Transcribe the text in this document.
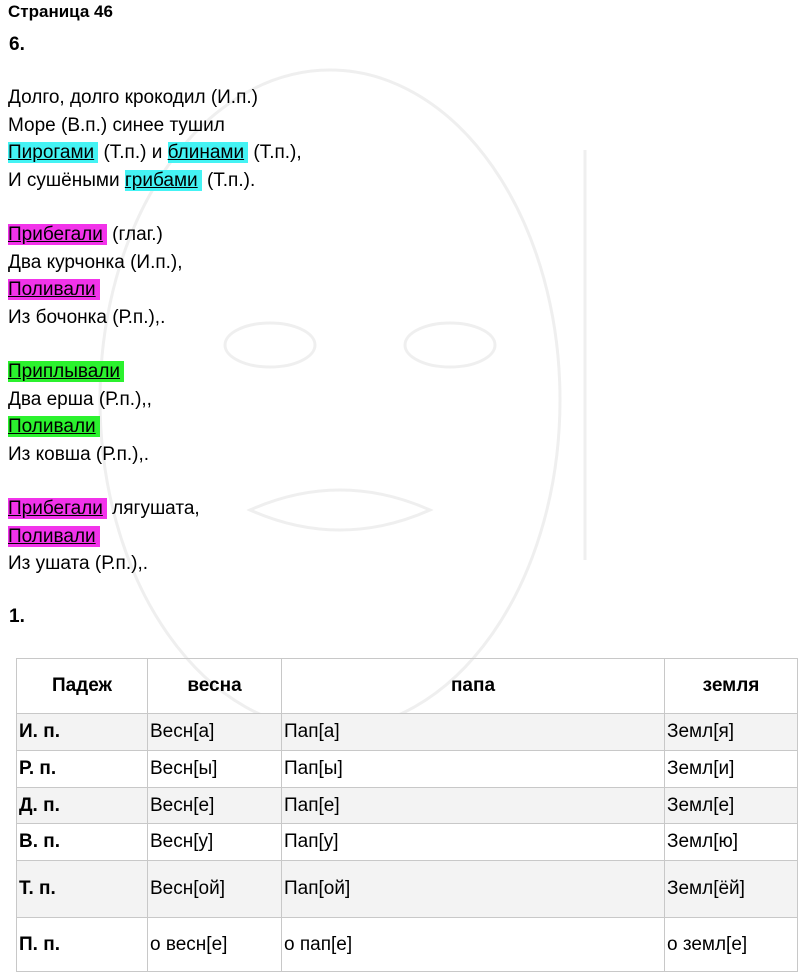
Страница 46
6.
Долго, долго крокодил (И.п.)
Море (В.п.) синее тушил
Пирогами (Т.п.) и блинами (Т.п.),
И сушёными грибами (Т.п.).
Прибегали (глаг.)
Два курчонка (И.п.),
Поливали
Из бочонка (Р.п.),.
Приплывали
Два ерша (Р.п.),,
Поливали
Из ковша (Р.п.),.
Прибегали лягушата,
Поливали
Из ушата (Р.п.),.
1.
Падеж	весна	папа	земля
И. п.	Весн[а]	Пап[а]	Земл[я]
Р. п.	Весн[ы]	Пап[ы]	Земл[и]
Д. п.	Весн[е]	Пап[е]	Земл[е]
В. п.	Весн[у]	Пап[у]	Земл[ю]
Т. п.	Весн[ой]	Пап[ой]	Земл[ёй]
П. п.	о весн[е]	о пап[е]	о земл[е]
